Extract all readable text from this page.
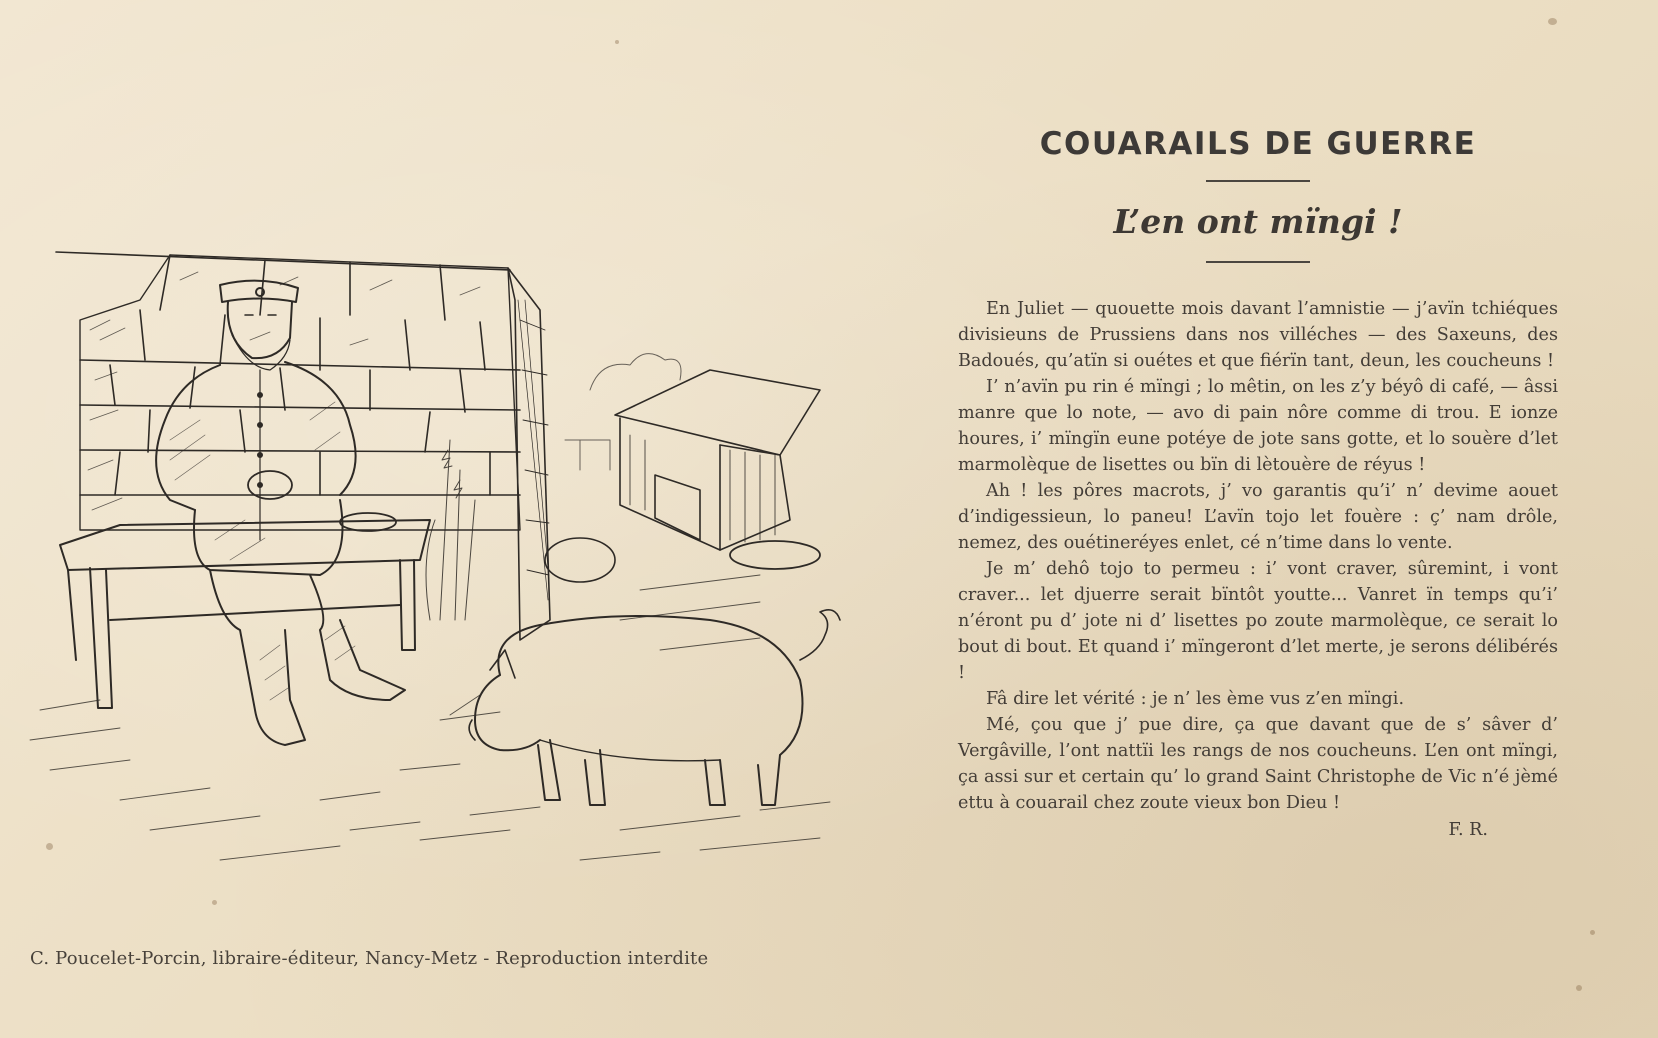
C. Poucelet-Porcin, libraire-éditeur, Nancy-Metz - Reproduction interdite
COUARAILS DE GUERRE
L’en ont mïngi !

En Juliet — quouette mois davant l’amnistie — j’avïn tchiéques divisieuns de Prussiens dans nos villéches — des Saxeuns, des Badoués, qu’atïn si ouétes et que fiérïn tant, deun, les coucheuns !

I’ n’avïn pu rin é mïngi ; lo mêtin, on les z’y béyô di café, — âssi manre que lo note, — avo di pain nôre comme di trou. E ionze houres, i’ mïngïn eune potéye de jote sans gotte, et lo souère d’let marmolèque de lisettes ou bïn di lètouère de réyus !

Ah ! les pôres macrots, j’ vo garantis qu’i’ n’ devime aouet d’indigessieun, lo paneu! L’avïn tojo let fouère : ç’ nam drôle, nemez, des ouétineréyes enlet, cé n’time dans lo vente.

Je m’ dehô tojo to permeu : i’ vont craver, sûremint, i vont craver... let djuerre serait bïntôt youtte... Vanret ïn temps qu’i’ n’éront pu d’ jote ni d’ lisettes po zoute marmolèque, ce serait lo bout di bout. Et quand i’ mïngeront d’let merte, je serons délibérés !

Fâ dire let vérité : je n’ les ème vus z’en mïngi.

Mé, çou que j’ pue dire, ça que davant que de s’ sâver d’ Vergâville, l’ont nattïi les rangs de nos coucheuns. L’en ont mïngi, ça assi sur et certain qu’ lo grand Saint Christophe de Vic n’é jèmé ettu à couarail chez zoute vieux bon Dieu !

F. R.
